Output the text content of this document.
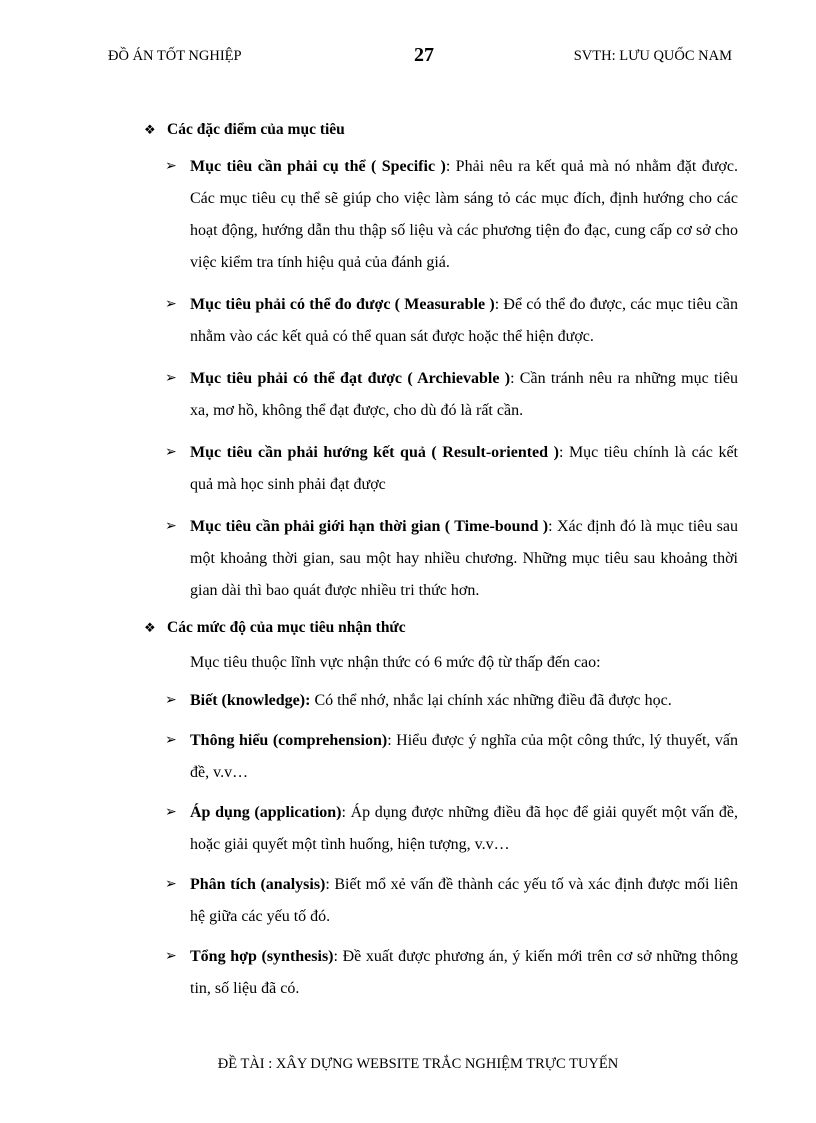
ĐỒ ÁN TỐT NGHIỆP	27	SVTH: LƯU QUỐC NAM
❖ Các đặc điểm của mục tiêu
➢ Mục tiêu cần phải cụ thể ( Specific ): Phải nêu ra kết quả mà nó nhằm đặt được. Các mục tiêu cụ thể sẽ giúp cho việc làm sáng tỏ các mục đích, định hướng cho các hoạt động, hướng dẫn thu thập số liệu và các phương tiện đo đạc, cung cấp cơ sở cho việc kiểm tra tính hiệu quả của đánh giá.
➢ Mục tiêu phải có thể đo được ( Measurable ): Để có thể đo được, các mục tiêu cần nhằm vào các kết quả có thể quan sát được hoặc thể hiện được.
➢ Mục tiêu phải có thể đạt được ( Archievable ): Cần tránh nêu ra những mục tiêu xa, mơ hồ, không thể đạt được, cho dù đó là rất cần.
➢ Mục tiêu cần phải hướng kết quả ( Result-oriented ): Mục tiêu chính là các kết quả mà học sinh phải đạt được
➢ Mục tiêu cần phải giới hạn thời gian ( Time-bound ): Xác định đó là mục tiêu sau một khoảng thời gian, sau một hay nhiều chương. Những mục tiêu sau khoảng thời gian dài thì bao quát được nhiều tri thức hơn.
❖ Các mức độ của mục tiêu nhận thức
Mục tiêu thuộc lĩnh vực nhận thức có 6 mức độ từ thấp đến cao:
➢ Biết (knowledge): Có thể nhớ, nhắc lại chính xác những điều đã được học.
➢ Thông hiểu (comprehension): Hiểu được ý nghĩa của một công thức, lý thuyết, vấn đề, v.v…
➢ Áp dụng (application): Áp dụng được những điều đã học để giải quyết một vấn đề, hoặc giải quyết một tình huống, hiện tượng, v.v…
➢ Phân tích (analysis): Biết mổ xẻ vấn đề thành các yếu tố và xác định được mối liên hệ giữa các yếu tố đó.
➢ Tổng hợp (synthesis): Đề xuất được phương án, ý kiến mới trên cơ sở những thông tin, số liệu đã có.
ĐỀ TÀI : XÂY DỰNG WEBSITE TRẮC NGHIỆM TRỰC TUYẾN
